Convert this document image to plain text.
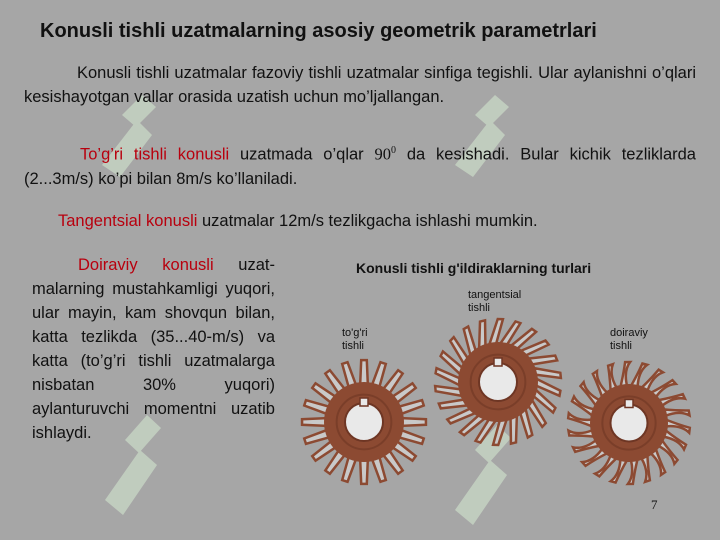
Konusli tishli uzatmalarning asosiy geometrik parametrlari
Konusli tishli uzatmalar fazoviy tishli uzatmalar sinfiga tegishli. Ular aylanishni o’qlari kesishayotgan vallar orasida uzatish uchun mo’ljallangan.
To’g’ri tishli konusli uzatmada o’qlar $90^0$ da kesishadi. Bular kichik tezliklarda (2...3m/s) ko’pi bilan 8m/s ko’llaniladi.
Tangentsial konusli uzatmalar 12m/s tezlikgacha ishlashi mumkin.
Doiraviy konusli uzat-malarning mustahkamligi yuqori, ular mayin, kam shovqun bilan, katta tezlikda (35...40-m/s) va katta (to’g’ri tishli uzatmalarga nisbatan 30% yuqori) aylanturuvchi momentni uzatib ishlaydi.
Konusli tishli g'ildiraklarning turlari
to'g'ri
tishli
tangentsial
tishli
doiraviy
tishli
7
